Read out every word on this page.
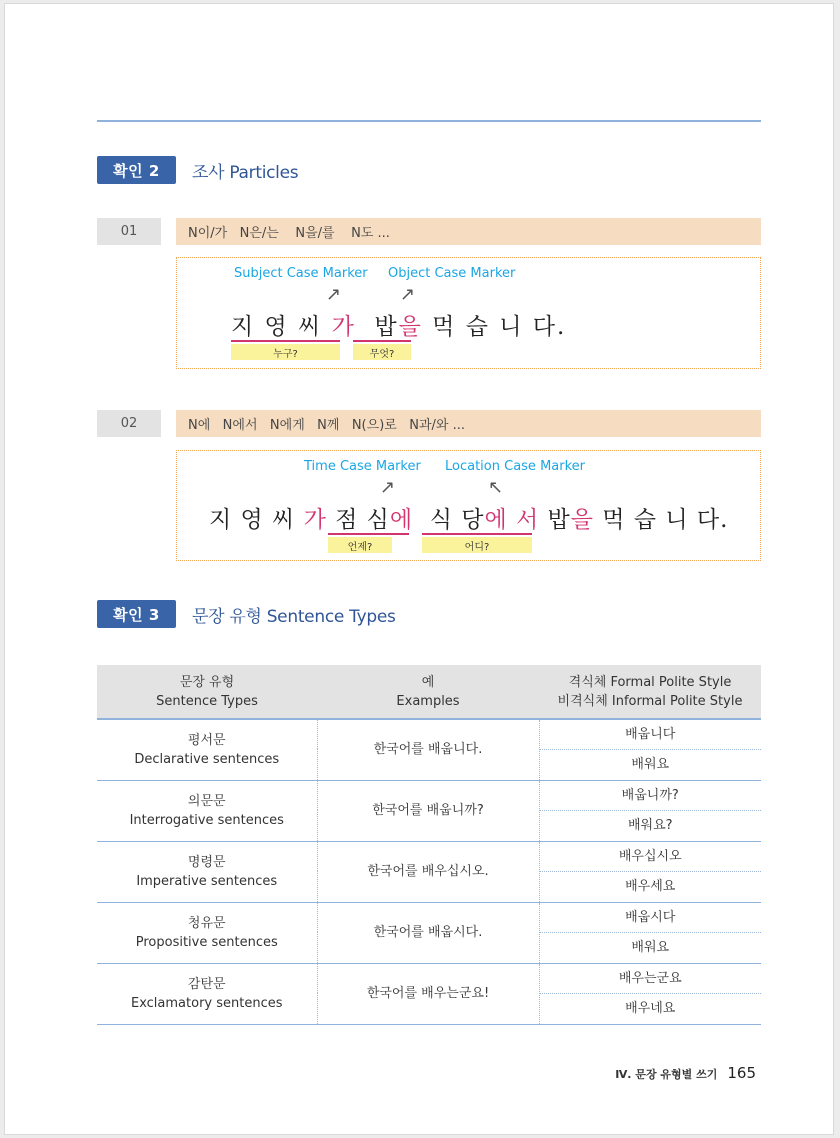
확인 2	조사 Particles
01	N이/가   N은/는    N을/를    N도 ...
Subject Case Marker Object Case Marker
↗	↗
지 영 씨 가  밥을 먹 습 니 다.
누구?	무엇?
02	N에   N에서   N에게   N께   N(으)로   N과/와 ...
Time Case Marker Location Case Marker
↗	↖
지 영 씨 가 점 심에  식 당에 서 밥을 먹 습 니 다.
언제?	어디?
확인 3	문장 유형 Sentence Types
문장 유형
Sentence Types	예
Examples	격식체 Formal Polite Style
비격식체 Informal Polite Style
평서문
Declarative sentences	한국어를 배웁니다.	배웁니다
		배워요
의문문
Interrogative sentences	한국어를 배웁니까?	배웁니까?
		배워요?
명령문
Imperative sentences	한국어를 배우십시오.	배우십시오
		배우세요
청유문
Propositive sentences	한국어를 배웁시다.	배웁시다
		배워요
감탄문
Exclamatory sentences	한국어를 배우는군요!	배우는군요
		배우네요
Ⅳ. 문장 유형별 쓰기 165
